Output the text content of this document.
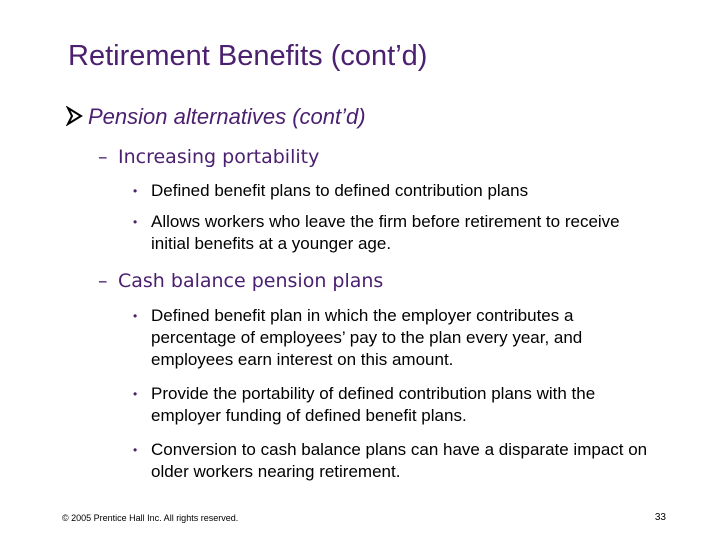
Retirement Benefits (cont’d)
Pension alternatives (cont’d)
– Increasing portability
• Defined benefit plans to defined contribution plans
• Allows workers who leave the firm before retirement to receive initial benefits at a younger age.
– Cash balance pension plans
• Defined benefit plan in which the employer contributes a percentage of employees’ pay to the plan every year, and employees earn interest on this amount.
• Provide the portability of defined contribution plans with the employer funding of defined benefit plans.
• Conversion to cash balance plans can have a disparate impact on older workers nearing retirement.
© 2005 Prentice Hall Inc. All rights reserved.	33
